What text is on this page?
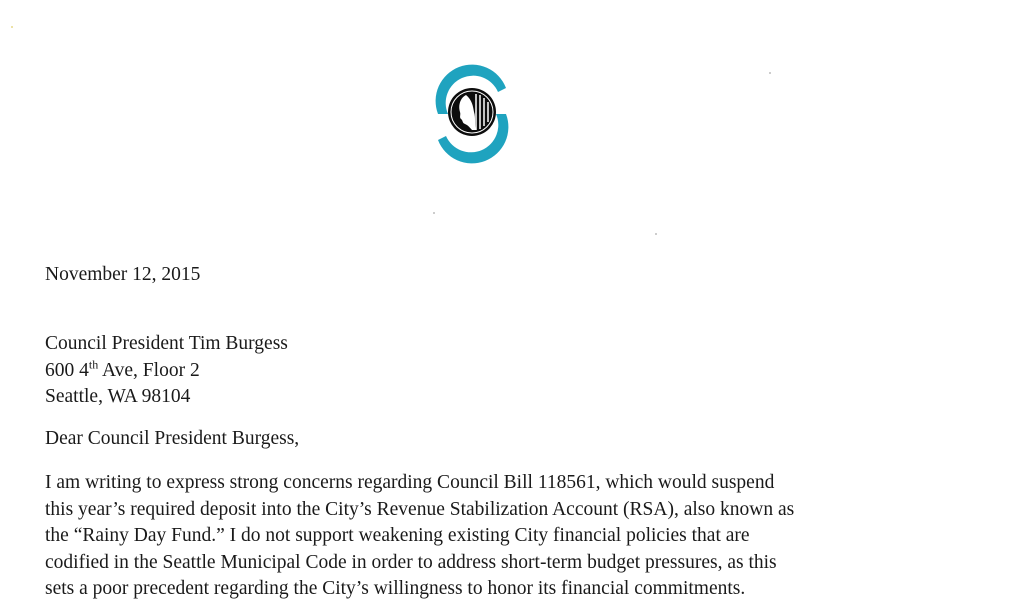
November 12, 2015
Council President Tim Burgess
600 4th Ave, Floor 2
Seattle, WA 98104
Dear Council President Burgess,
I am writing to express strong concerns regarding Council Bill 118561, which would suspend
this year’s required deposit into the City’s Revenue Stabilization Account (RSA), also known as
the “Rainy Day Fund.” I do not support weakening existing City financial policies that are
codified in the Seattle Municipal Code in order to address short-term budget pressures, as this
sets a poor precedent regarding the City’s willingness to honor its financial commitments.
